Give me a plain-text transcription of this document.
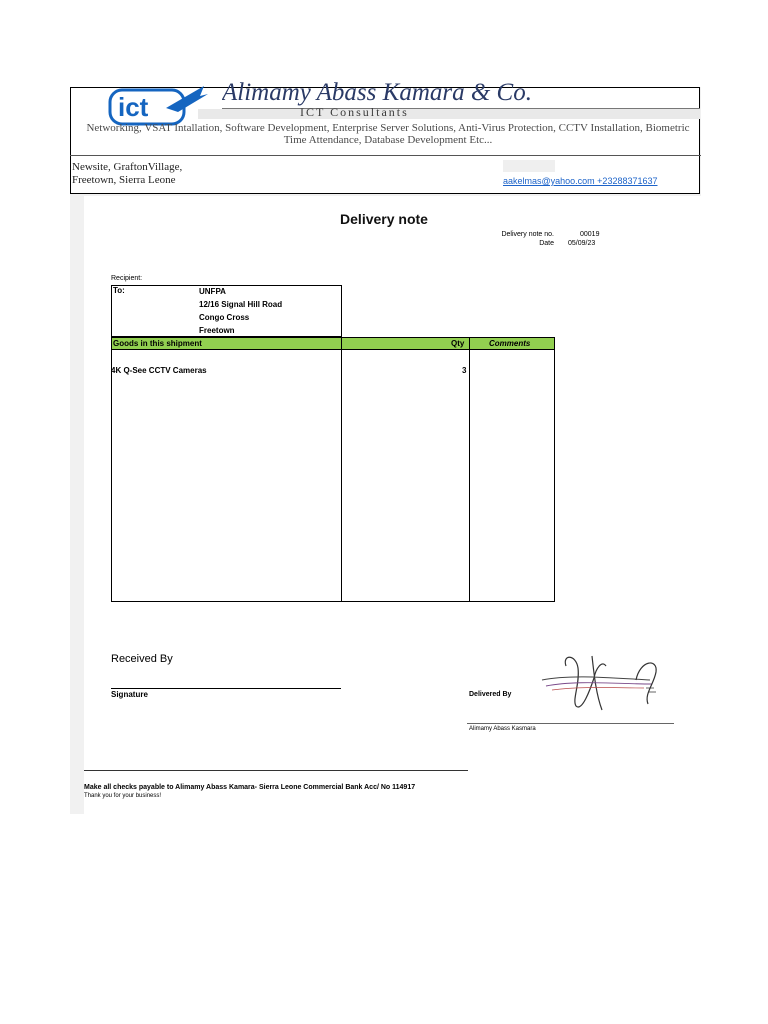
ict	Alimamy Abass Kamara & Co.
ICT Consultants
Networking, VSAT Intallation, Software Development, Enterprise Server Solutions, Anti-Virus Protection, CCTV Installation, Biometric Time Attendance, Database Development Etc...
Newsite, GraftonVillage,
Freetown, Sierra Leone	aakelmas@yahoo.com +23288371637
Delivery note
Delivery note no.	00019
Date 05/09/23
Recipient:
To:	UNFPA
12/16 Signal Hill Road
Congo Cross
Freetown
Goods in this shipment	Qty	Comments
4K Q-See CCTV Cameras	3
Received By
Signature	Delivered By
Alimamy Abass Kasmara
Make all checks payable to Alimamy Abass Kamara- Sierra Leone Commercial Bank Acc/ No 114917
Thank you for your business!
